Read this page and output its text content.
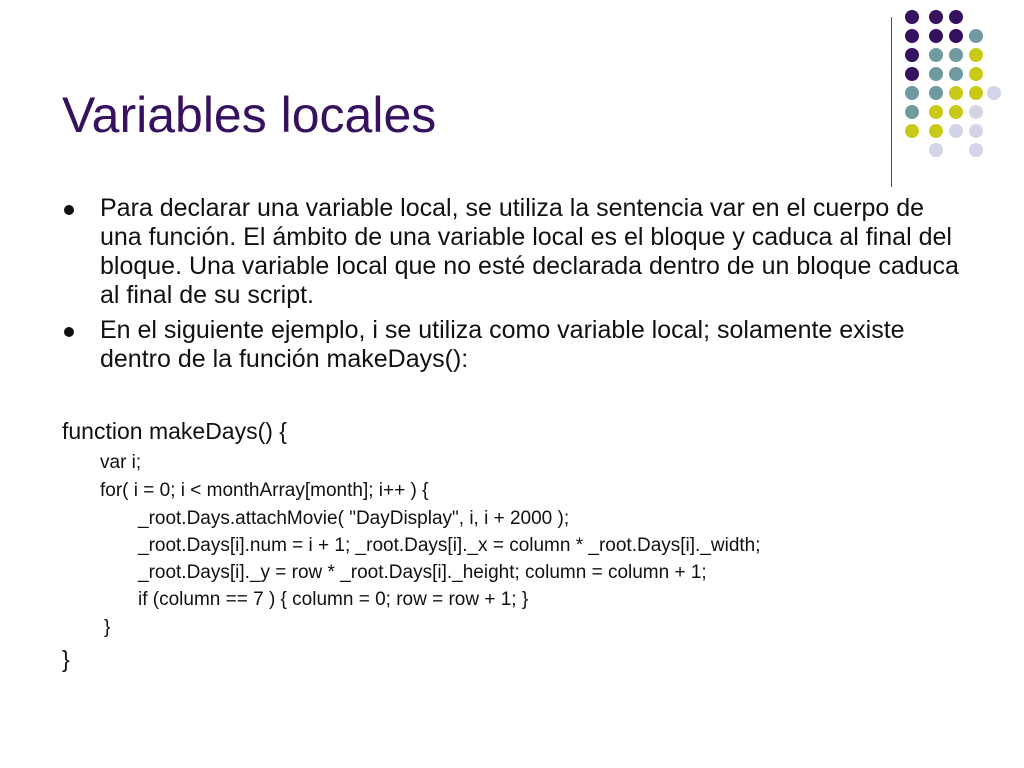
Variables locales
Para declarar una variable local, se utiliza la sentencia var en el cuerpo de una función. El ámbito de una variable local es el bloque y caduca al final del bloque. Una variable local que no esté declarada dentro de un bloque caduca al final de su script.
En el siguiente ejemplo, i se utiliza como variable local; solamente existe dentro de la función makeDays():
function makeDays() {
var i;
for( i = 0; i < monthArray[month]; i++ ) {
_root.Days.attachMovie( "DayDisplay", i, i + 2000 );
_root.Days[i].num = i + 1; _root.Days[i]._x = column * _root.Days[i]._width;
_root.Days[i]._y = row * _root.Days[i]._height; column = column + 1;
if (column == 7 ) { column = 0; row = row + 1; }
}
}
